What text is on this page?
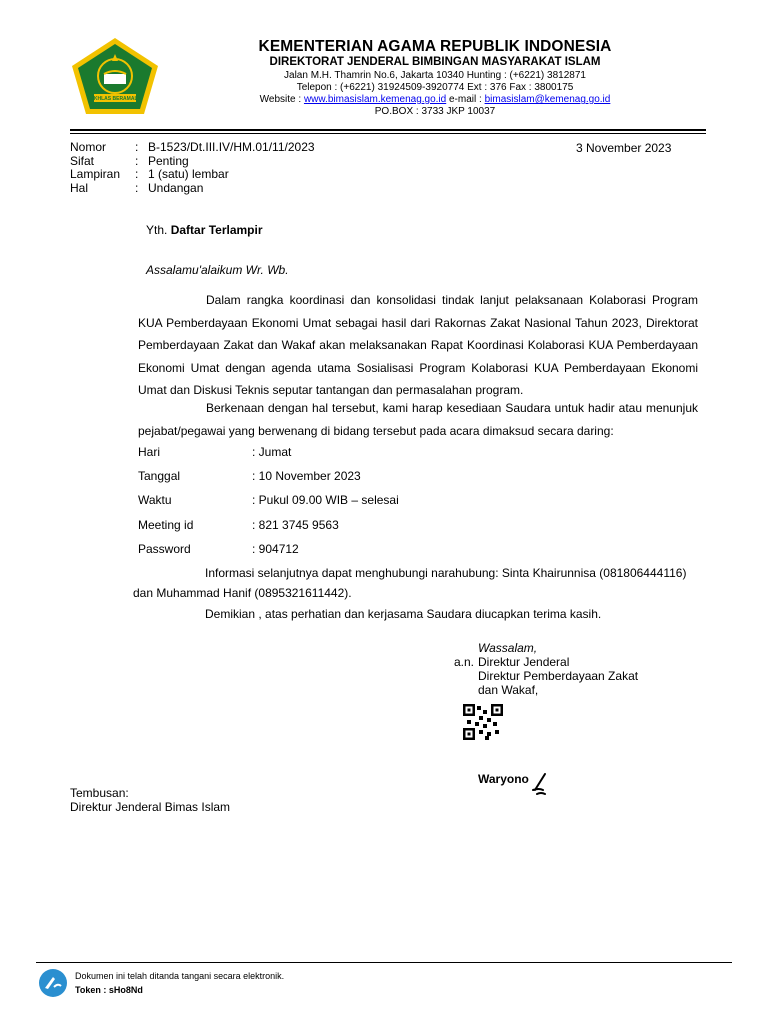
IKHLAS BERAMAL
KEMENTERIAN AGAMA REPUBLIK INDONESIA
DIREKTORAT JENDERAL BIMBINGAN MASYARAKAT ISLAM
Jalan M.H. Thamrin No.6, Jakarta 10340 Hunting : (+6221) 3812871
Telepon : (+6221) 31924509-3920774 Ext : 376 Fax : 3800175
Website : www.bimasislam.kemenag.go.id e-mail : bimasislam@kemenag.go.id
PO.BOX : 3733 JKP 10037
Nomor	: B-1523/Dt.III.IV/HM.01/11/2023
Sifat	: Penting
Lampiran	: 1 (satu) lembar
Hal	: Undangan
3 November 2023
Yth. Daftar Terlampir
Assalamu'alaikum Wr. Wb.

Dalam rangka koordinasi dan konsolidasi tindak lanjut pelaksanaan Kolaborasi Program KUA Pemberdayaan Ekonomi Umat sebagai hasil dari Rakornas Zakat Nasional Tahun 2023, Direktorat Pemberdayaan Zakat dan Wakaf akan melaksanakan Rapat Koordinasi Kolaborasi KUA Pemberdayaan Ekonomi Umat dengan agenda utama Sosialisasi Program Kolaborasi KUA Pemberdayaan Ekonomi Umat dan Diskusi Teknis seputar tantangan dan permasalahan program.

Berkenaan dengan hal tersebut, kami harap kesediaan Saudara untuk hadir atau menunjuk pejabat/pegawai yang berwenang di bidang tersebut pada acara dimaksud secara daring:

Hari	: Jumat
Tanggal	: 10 November 2023
Waktu	: Pukul 09.00 WIB – selesai
Meeting id	: 821 3745 9563
Password	: 904712
Informasi selanjutnya dapat menghubungi narahubung: Sinta Khairunnisa (081806444116)
dan Muhammad Hanif (0895321611442).
Demikian , atas perhatian dan kerjasama Saudara diucapkan terima kasih.
Wassalam,
a.n. Direktur Jenderal
Direktur Pemberdayaan Zakat
dan Wakaf,
Waryono
Tembusan:
Direktur Jenderal Bimas Islam
Dokumen ini telah ditanda tangani secara elektronik.
Token : sHo8Nd
